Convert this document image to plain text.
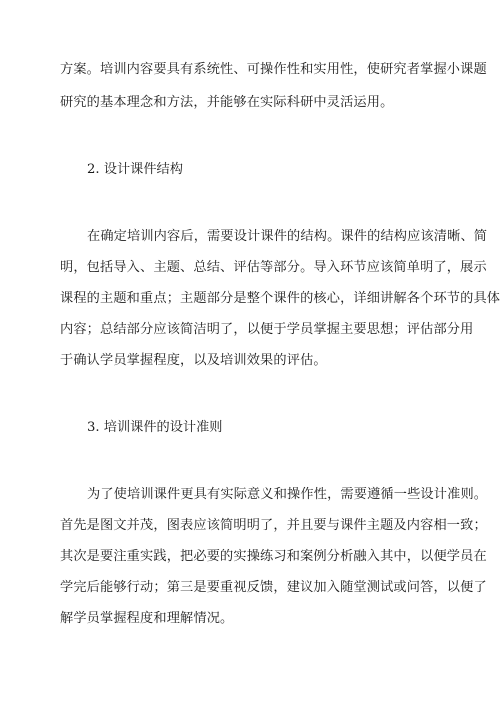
方案。培训内容要具有系统性、可操作性和实用性，使研究者掌握小课题
研究的基本理念和方法，并能够在实际科研中灵活运用。
2. 设计课件结构
在确定培训内容后，需要设计课件的结构。课件的结构应该清晰、简
明，包括导入、主题、总结、评估等部分。导入环节应该简单明了，展示
课程的主题和重点；主题部分是整个课件的核心，详细讲解各个环节的具体
内容；总结部分应该简洁明了，以便于学员掌握主要思想；评估部分用
于确认学员掌握程度，以及培训效果的评估。
3. 培训课件的设计准则
为了使培训课件更具有实际意义和操作性，需要遵循一些设计准则。
首先是图文并茂，图表应该简明明了，并且要与课件主题及内容相一致；
其次是要注重实践，把必要的实操练习和案例分析融入其中，以便学员在
学完后能够行动；第三是要重视反馈，建议加入随堂测试或问答，以便了
解学员掌握程度和理解情况。
